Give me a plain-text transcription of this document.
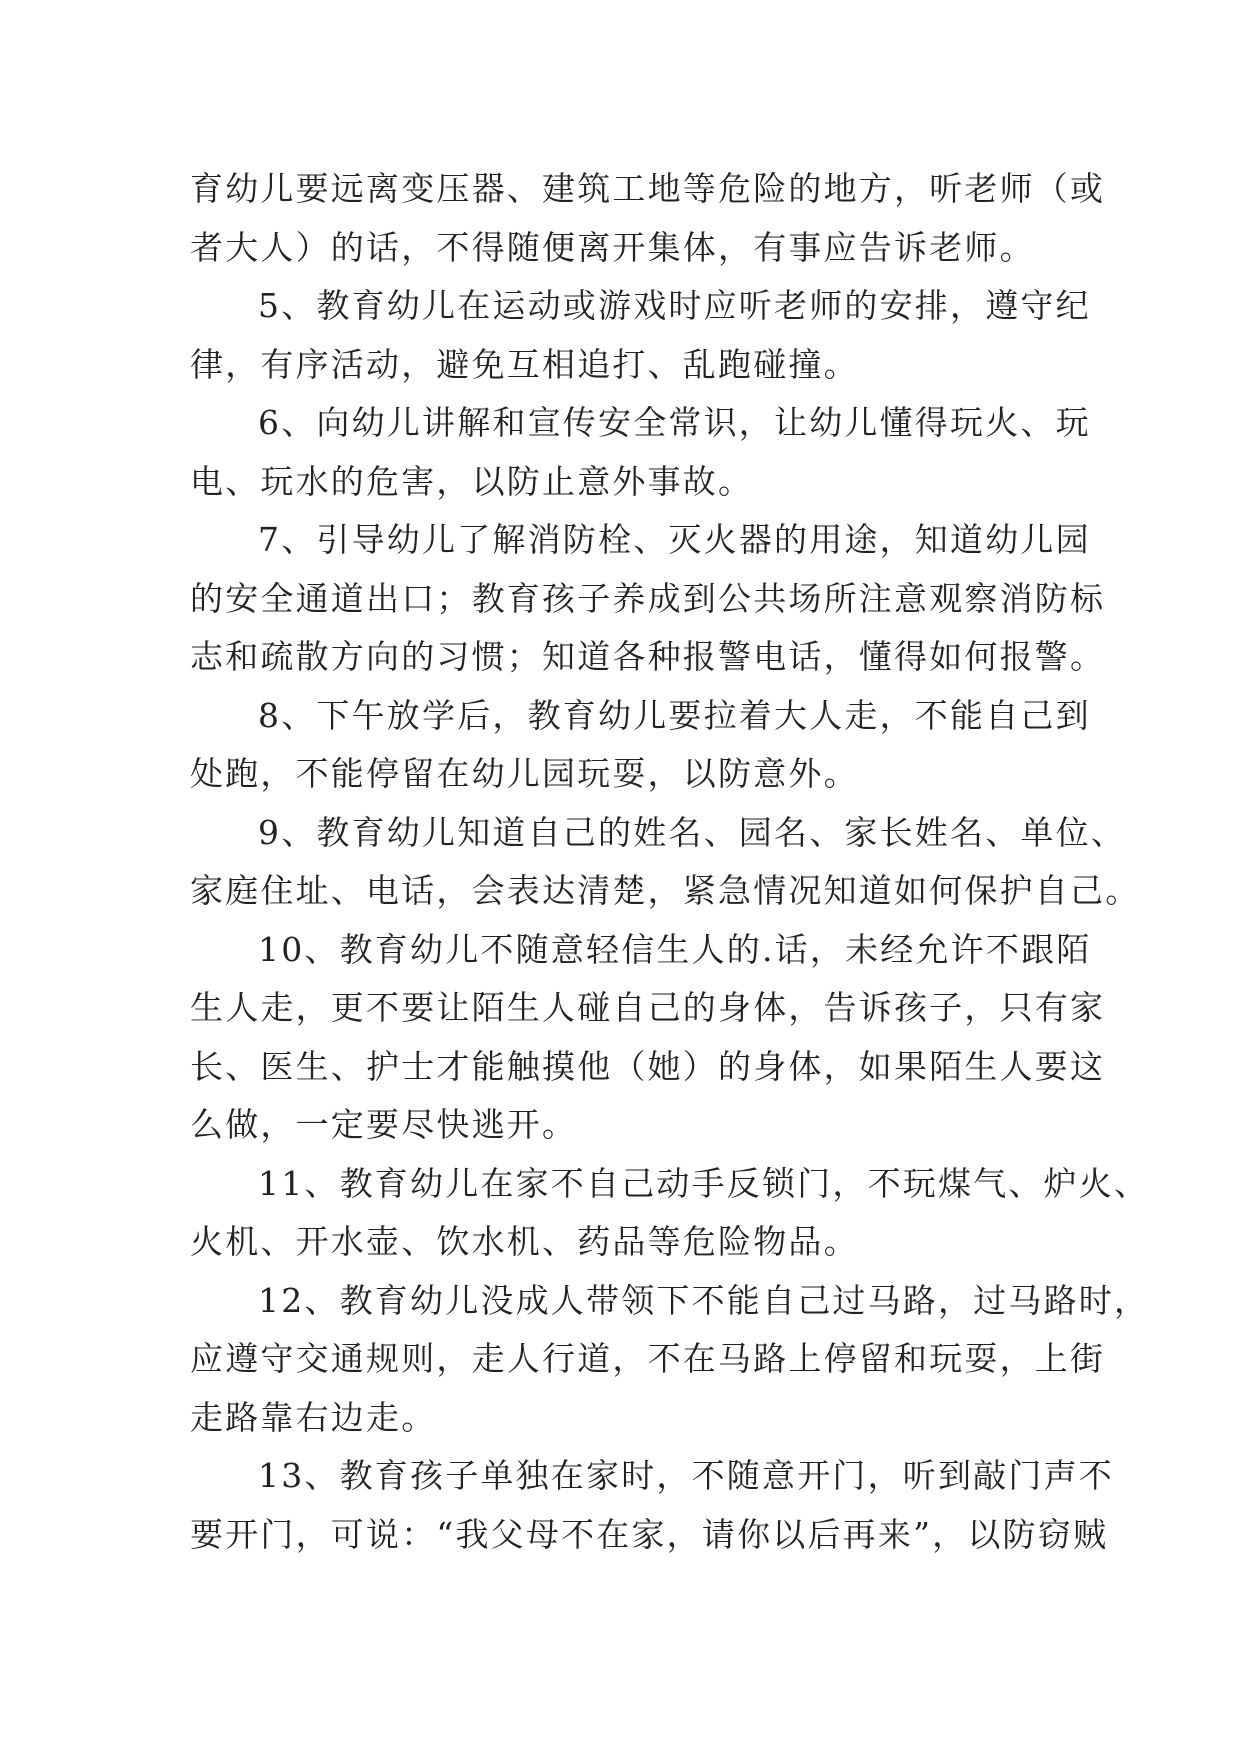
育幼儿要远离变压器、建筑工地等危险的地方，听老师（或
者大人）的话，不得随便离开集体，有事应告诉老师。
5、教育幼儿在运动或游戏时应听老师的安排，遵守纪
律，有序活动，避免互相追打、乱跑碰撞。
6、向幼儿讲解和宣传安全常识，让幼儿懂得玩火、玩
电、玩水的危害，以防止意外事故。
7、引导幼儿了解消防栓、灭火器的用途，知道幼儿园
的安全通道出口；教育孩子养成到公共场所注意观察消防标
志和疏散方向的习惯；知道各种报警电话，懂得如何报警。
8、下午放学后，教育幼儿要拉着大人走，不能自己到
处跑，不能停留在幼儿园玩耍，以防意外。
9、教育幼儿知道自己的姓名、园名、家长姓名、单位、
家庭住址、电话，会表达清楚，紧急情况知道如何保护自己。
10、教育幼儿不随意轻信生人的.话，未经允许不跟陌
生人走，更不要让陌生人碰自己的身体，告诉孩子，只有家
长、医生、护士才能触摸他（她）的身体，如果陌生人要这
么做，一定要尽快逃开。
11、教育幼儿在家不自己动手反锁门，不玩煤气、炉火、
火机、开水壶、饮水机、药品等危险物品。
12、教育幼儿没成人带领下不能自己过马路，过马路时，
应遵守交通规则，走人行道，不在马路上停留和玩耍，上街
走路靠右边走。
13、教育孩子单独在家时，不随意开门，听到敲门声不
要开门，可说：“我父母不在家，请你以后再来”，以防窃贼
